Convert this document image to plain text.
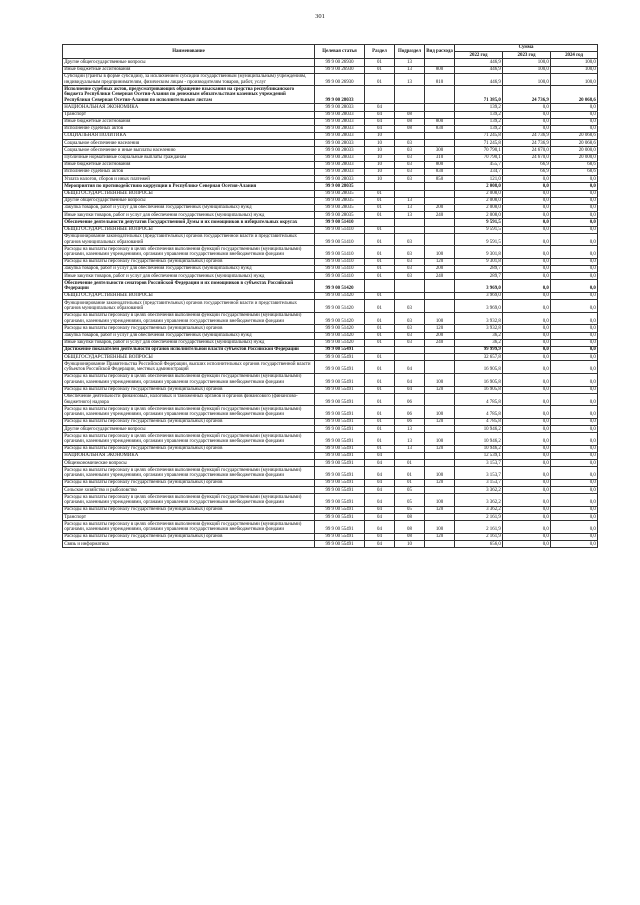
301
Наименование	Целевая статья	Раздел	Подраздел	Вид расхода	Сумма		
					2022 год	2023 год	2024 год
Другие общегосударственные вопросы	99 9 00 26930	01	13		446,9	100,0	100,0
Иные бюджетные ассигнования	99 9 00 26930	01	13	800	446,9	100,0	100,0
Субсидии (гранты в форме субсидий), за исключением субсидий государственным (муниципальным) учреждениям, индивидуальным предпринимателям, физическим лицам - производителям товаров, работ, услуг	99 9 00 26930	01	13	810	446,9	100,0	100,0
Исполнение судебных актов, предусматривающих обращение взыскания на средства республиканского бюджета Республики Северная Осетия-Алания по денежным обязательствам казенных учреждений Республики Северная Осетия-Алания по исполнительным листам	99 9 00 28033				71 385,0	24 736,9	20 068,6
НАЦИОНАЛЬНАЯ ЭКОНОМИКА	99 9 00 28033	04			139,2	0,0	0,0
Транспорт	99 9 00 28033	04	08		139,2	0,0	0,0
Иные бюджетные ассигнования	99 9 00 28033	04	08	800	139,2	0,0	0,0
Исполнение судебных актов	99 9 00 28033	04	08	830	139,2	0,0	0,0
СОЦИАЛЬНАЯ ПОЛИТИКА	99 9 00 28033	10			71 245,8	24 736,9	20 068,6
Социальное обеспечение населения	99 9 00 28033	10	03		71 245,8	24 736,9	20 068,6
Социальное обеспечение и иные выплаты населению	99 9 00 28033	10	03	300	70 790,1	24 670,0	20 000,0
Публичные нормативные социальные выплаты гражданам	99 9 00 28033	10	03	310	70 790,1	24 670,0	20 000,0
Иные бюджетные ассигнования	99 9 00 28033	10	03	800	455,7	66,9	68,6
Исполнение судебных актов	99 9 00 28033	10	03	830	334,7	66,9	68,6
Уплата налогов, сборов и иных платежей	99 9 00 28033	10	03	850	121,0	0,0	0,0
Мероприятия по противодействию коррупции в Республике Северная Осетия-Алания	99 9 00 28035				2 008,0	0,0	0,0
ОБЩЕГОСУДАРСТВЕННЫЕ ВОПРОСЫ	99 9 00 28035	01			2 008,0	0,0	0,0
Другие общегосударственные вопросы	99 9 00 28035	01	13		2 008,0	0,0	0,0
Закупка товаров, работ и услуг для обеспечения государственных (муниципальных) нужд	99 9 00 28035	01	13	200	2 008,0	0,0	0,0
Иные закупки товаров, работ и услуг для обеспечения государственных (муниципальных) нужд	99 9 00 28035	01	13	240	2 008,0	0,0	0,0
Обеспечение деятельности депутатов Государственной Думы и их помощников в избирательных округах	99 9 00 51410				9 591,5	0,0	0,0
ОБЩЕГОСУДАРСТВЕННЫЕ ВОПРОСЫ	99 9 00 51410	01			9 591,5	0,0	0,0
Функционирование законодательных (представительных) органов государственной власти и представительных органов муниципальных образований	99 9 00 51410	01	03		9 591,5	0,0	0,0
Расходы на выплаты персоналу в целях обеспечения выполнения функций государственными (муниципальными) органами, казенными учреждениями, органами управления государственными внебюджетными фондами	99 9 00 51410	01	03	100	9 301,8	0,0	0,0
Расходы на выплаты персоналу государственных (муниципальных) органов	99 9 00 51410	01	03	120	9 301,8	0,0	0,0
Закупка товаров, работ и услуг для обеспечения государственных (муниципальных) нужд	99 9 00 51410	01	03	200	289,7	0,0	0,0
Иные закупки товаров, работ и услуг для обеспечения государственных (муниципальных) нужд	99 9 00 51410	01	03	240	289,7	0,0	0,0
Обеспечение деятельности сенаторов Российской Федерации и их помощников в субъектах Российской Федерации	99 9 00 51420				3 969,0	0,0	0,0
ОБЩЕГОСУДАРСТВЕННЫЕ ВОПРОСЫ	99 9 00 51420	01			3 969,0	0,0	0,0
Функционирование законодательных (представительных) органов государственной власти и представительных органов муниципальных образований	99 9 00 51420	01	03		3 969,0	0,0	0,0
Расходы на выплаты персоналу в целях обеспечения выполнения функций государственными (муниципальными) органами, казенными учреждениями, органами управления государственными внебюджетными фондами	99 9 00 51420	01	03	100	3 932,8	0,0	0,0
Расходы на выплаты персоналу государственных (муниципальных) органов	99 9 00 51420	01	03	120	3 932,8	0,0	0,0
Закупка товаров, работ и услуг для обеспечения государственных (муниципальных) нужд	99 9 00 51420	01	03	200	36,2	0,0	0,0
Иные закупки товаров, работ и услуг для обеспечения государственных (муниципальных) нужд	99 9 00 51420	01	03	240	36,2	0,0	0,0
Достижение показателей деятельности органов исполнительной власти субъектов Российской Федерации	99 9 00 55491				99 999,9	0,0	0,0
ОБЩЕГОСУДАРСТВЕННЫЕ ВОПРОСЫ	99 9 00 55491	01			32 657,8	0,0	0,0
Функционирование Правительства Российской Федерации, высших исполнительных органов государственной власти субъектов Российской Федерации, местных администраций	99 9 00 55491	01	04		16 905,8	0,0	0,0
Расходы на выплаты персоналу в целях обеспечения выполнения функций государственными (муниципальными) органами, казенными учреждениями, органами управления государственными внебюджетными фондами	99 9 00 55491	01	04	100	16 905,8	0,0	0,0
Расходы на выплаты персоналу государственных (муниципальных) органов	99 9 00 55491	01	04	120	16 905,8	0,0	0,0
Обеспечение деятельности финансовых, налоговых и таможенных органов и органов финансового (финансово-бюджетного) надзора	99 9 00 55491	01	06		4 785,8	0,0	0,0
Расходы на выплаты персоналу в целях обеспечения выполнения функций государственными (муниципальными) органами, казенными учреждениями, органами управления государственными внебюджетными фондами	99 9 00 55491	01	06	100	4 785,8	0,0	0,0
Расходы на выплаты персоналу государственных (муниципальных) органов	99 9 00 55491	01	06	120	4 785,8	0,0	0,0
Другие общегосударственные вопросы	99 9 00 55491	01	13		10 946,2	0,0	0,0
Расходы на выплаты персоналу в целях обеспечения выполнения функций государственными (муниципальными) органами, казенными учреждениями, органами управления государственными внебюджетными фондами	99 9 00 55491	01	13	100	10 946,2	0,0	0,0
Расходы на выплаты персоналу государственных (муниципальных) органов	99 9 00 55491	01	13	120	10 946,2	0,0	0,0
НАЦИОНАЛЬНАЯ ЭКОНОМИКА	99 9 00 55491	04			12 539,1	0,0	0,0
Общеэкономические вопросы	99 9 00 55491	04	01		3 153,7	0,0	0,0
Расходы на выплаты персоналу в целях обеспечения выполнения функций государственными (муниципальными) органами, казенными учреждениями, органами управления государственными внебюджетными фондами	99 9 00 55491	04	01	100	3 153,7	0,0	0,0
Расходы на выплаты персоналу государственных (муниципальных) органов	99 9 00 55491	04	01	120	3 153,7	0,0	0,0
Сельское хозяйство и рыболовство	99 9 00 55491	04	05		3 362,2	0,0	0,0
Расходы на выплаты персоналу в целях обеспечения выполнения функций государственными (муниципальными) органами, казенными учреждениями, органами управления государственными внебюджетными фондами	99 9 00 55491	04	05	100	3 362,2	0,0	0,0
Расходы на выплаты персоналу государственных (муниципальных) органов	99 9 00 55491	04	05	120	3 362,2	0,0	0,0
Транспорт	99 9 00 55491	04	08		2 161,9	0,0	0,0
Расходы на выплаты персоналу в целях обеспечения выполнения функций государственными (муниципальными) органами, казенными учреждениями, органами управления государственными внебюджетными фондами	99 9 00 55491	04	08	100	2 161,9	0,0	0,0
Расходы на выплаты персоналу государственных (муниципальных) органов	99 9 00 55491	04	08	120	2 161,9	0,0	0,0
Связь и информатика	99 9 00 55491	04	10		656,0	0,0	0,0
